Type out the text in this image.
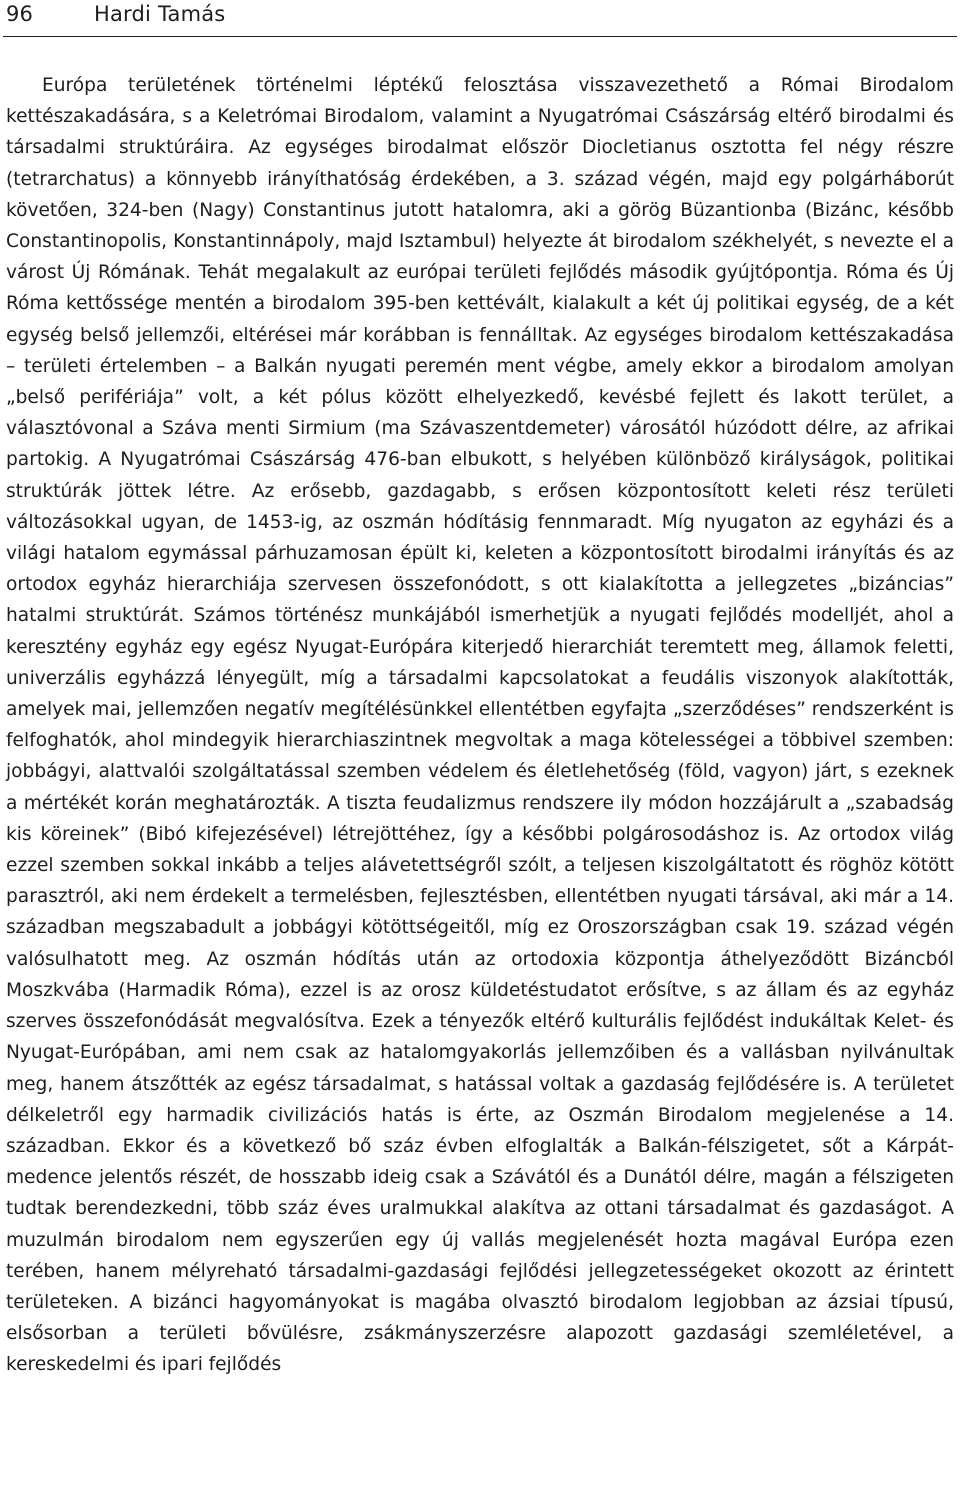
96	Hardi Tamás

Európa területének történelmi léptékű felosztása visszavezethető a Római Birodalom kettészakadására, s a Keletrómai Birodalom, valamint a Nyugatrómai Császárság eltérő birodalmi és társadalmi struktúráira. Az egységes birodalmat először Diocletianus osztotta fel négy részre (tetrarchatus) a könnyebb irányíthatóság érdekében, a 3. század végén, majd egy polgárháborút követően, 324-ben (Nagy) Constantinus jutott hatalomra, aki a görög Büzantionba (Bizánc, később Constantinopolis, Konstantinnápoly, majd Isztambul) helyezte át birodalom székhelyét, s nevezte el a várost Új Rómának. Tehát megalakult az európai területi fejlődés második gyújtópontja. Róma és Új Róma kettőssége mentén a birodalom 395-ben kettévált, kialakult a két új politikai egység, de a két egység belső jellemzői, eltérései már korábban is fennálltak. Az egységes birodalom kettészakadása – területi értelemben – a Balkán nyugati peremén ment végbe, amely ekkor a birodalom amolyan „belső perifériája” volt, a két pólus között elhelyezkedő, kevésbé fejlett és lakott terület, a választóvonal a Száva menti Sirmium (ma Szávaszentdemeter) városától húzódott délre, az afrikai partokig. A Nyugatrómai Császárság 476-ban elbukott, s helyében különböző királyságok, politikai struktúrák jöttek létre. Az erősebb, gazdagabb, s erősen központosított keleti rész területi változásokkal ugyan, de 1453-ig, az oszmán hódításig fennmaradt. Míg nyugaton az egyházi és a világi hatalom egymással párhuzamosan épült ki, keleten a központosított birodalmi irányítás és az ortodox egyház hierarchiája szervesen összefonódott, s ott kialakította a jellegzetes „bizáncias” hatalmi struktúrát. Számos történész munkájából ismerhetjük a nyugati fejlődés modelljét, ahol a keresztény egyház egy egész Nyugat-Európára kiterjedő hierarchiát teremtett meg, államok feletti, univerzális egyházzá lényegült, míg a társadalmi kapcsolatokat a feudális viszonyok alakították, amelyek mai, jellemzően negatív megítélésünkkel ellentétben egyfajta „szerződéses” rendszerként is felfoghatók, ahol mindegyik hierarchiaszintnek megvoltak a maga kötelességei a többivel szemben: jobbágyi, alattvalói szolgáltatással szemben védelem és életlehetőség (föld, vagyon) járt, s ezeknek a mértékét korán meghatározták. A tiszta feudalizmus rendszere ily módon hozzájárult a „szabadság kis köreinek” (Bibó kifejezésével) létrejöttéhez, így a későbbi polgárosodáshoz is. Az ortodox világ ezzel szemben sokkal inkább a teljes alávetettségről szólt, a teljesen kiszolgáltatott és röghöz kötött parasztról, aki nem érdekelt a termelésben, fejlesztésben, ellentétben nyugati társával, aki már a 14. században megszabadult a jobbágyi kötöttségeitől, míg ez Oroszországban csak 19. század végén valósulhatott meg. Az oszmán hódítás után az ortodoxia központja áthelyeződött Bizáncból Moszkvába (Harmadik Róma), ezzel is az orosz küldetéstudatot erősítve, s az állam és az egyház szerves összefonódását megvalósítva. Ezek a tényezők eltérő kulturális fejlődést indukáltak Kelet- és Nyugat-Európában, ami nem csak az hatalomgyakorlás jellemzőiben és a vallásban nyilvánultak meg, hanem átszőtték az egész társadalmat, s hatással voltak a gazdaság fejlődésére is. A területet délkeletről egy harmadik civilizációs hatás is érte, az Oszmán Birodalom megjelenése a 14. században. Ekkor és a következő bő száz évben elfoglalták a Balkán-félszigetet, sőt a Kárpát-medence jelentős részét, de hosszabb ideig csak a Szávától és a Dunától délre, magán a félszigeten tudtak berendezkedni, több száz éves uralmukkal alakítva az ottani társadalmat és gazdaságot. A muzulmán birodalom nem egyszerűen egy új vallás megjelenését hozta magával Európa ezen terében, hanem mélyreható társadalmi-gazdasági fejlődési jellegzetességeket okozott az érintett területeken. A bizánci hagyományokat is magába olvasztó birodalom legjobban az ázsiai típusú, elsősorban a területi bővülésre, zsákmányszerzésre alapozott gazdasági szemléletével, a kereskedelmi és ipari fejlődés
